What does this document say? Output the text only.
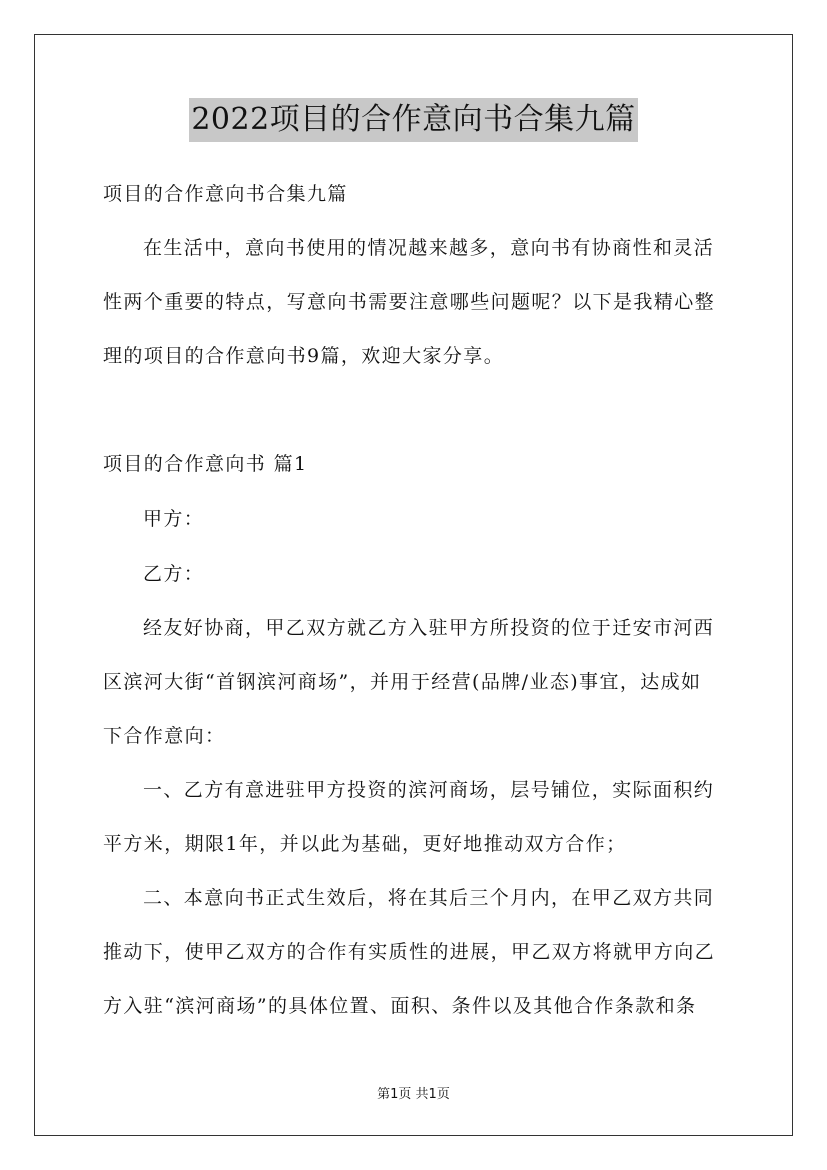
2022项目的合作意向书合集九篇
项目的合作意向书合集九篇
在生活中，意向书使用的情况越来越多，意向书有协商性和灵活
性两个重要的特点，写意向书需要注意哪些问题呢？以下是我精心整
理的项目的合作意向书9篇，欢迎大家分享。
项目的合作意向书 篇1
甲方：
乙方：
经友好协商，甲乙双方就乙方入驻甲方所投资的位于迁安市河西
区滨河大街“首钢滨河商场”，并用于经营(品牌/业态)事宜，达成如
下合作意向：
一、乙方有意进驻甲方投资的滨河商场，层号铺位，实际面积约
平方米，期限1年，并以此为基础，更好地推动双方合作；
二、本意向书正式生效后，将在其后三个月内，在甲乙双方共同
推动下，使甲乙双方的合作有实质性的进展，甲乙双方将就甲方向乙
方入驻“滨河商场”的具体位置、面积、条件以及其他合作条款和条
第1页 共1页
